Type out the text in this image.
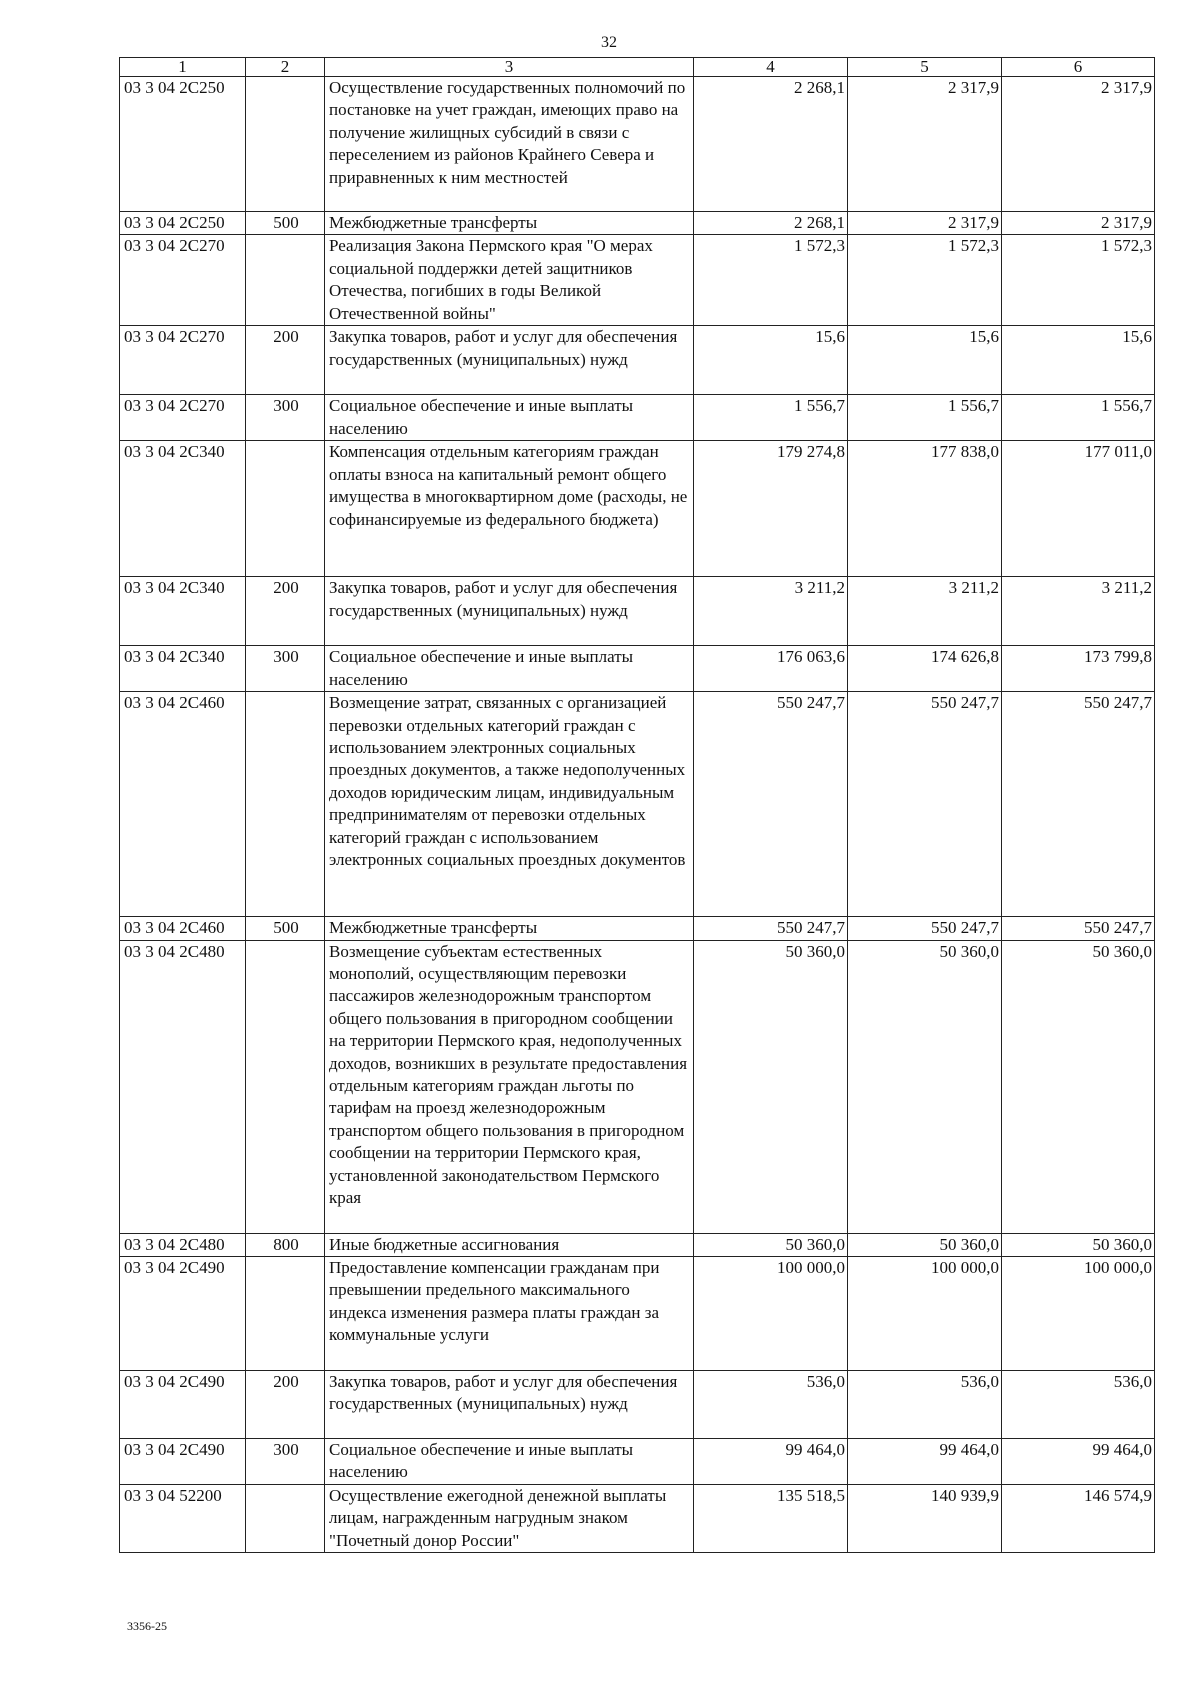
32
1	2	3	4	5	6
03 3 04 2С250		Осуществление государственных полномочий по постановке на учет граждан, имеющих право на получение жилищных субсидий в связи с переселением из районов Крайнего Севера и приравненных к ним местностей	2 268,1	2 317,9	2 317,9
03 3 04 2С250	500	Межбюджетные трансферты	2 268,1	2 317,9	2 317,9
03 3 04 2С270		Реализация Закона Пермского края "О мерах социальной поддержки детей защитников Отечества, погибших в годы Великой Отечественной войны"	1 572,3	1 572,3	1 572,3
03 3 04 2С270	200	Закупка товаров, работ и услуг для обеспечения государственных (муниципальных) нужд	15,6	15,6	15,6
03 3 04 2С270	300	Социальное обеспечение и иные выплаты населению	1 556,7	1 556,7	1 556,7
03 3 04 2С340		Компенсация отдельным категориям граждан оплаты взноса на капитальный ремонт общего имущества в многоквартирном доме (расходы, не софинансируемые из федерального бюджета)	179 274,8	177 838,0	177 011,0
03 3 04 2С340	200	Закупка товаров, работ и услуг для обеспечения государственных (муниципальных) нужд	3 211,2	3 211,2	3 211,2
03 3 04 2С340	300	Социальное обеспечение и иные выплаты населению	176 063,6	174 626,8	173 799,8
03 3 04 2С460		Возмещение затрат, связанных с организацией перевозки отдельных категорий граждан с использованием электронных социальных проездных документов, а также недополученных доходов юридическим лицам, индивидуальным предпринимателям от перевозки отдельных категорий граждан с использованием электронных социальных проездных документов	550 247,7	550 247,7	550 247,7
03 3 04 2С460	500	Межбюджетные трансферты	550 247,7	550 247,7	550 247,7
03 3 04 2С480		Возмещение субъектам естественных монополий, осуществляющим перевозки пассажиров железнодорожным транспортом общего пользования в пригородном сообщении на территории Пермского края, недополученных доходов, возникших в результате предоставления отдельным категориям граждан льготы по тарифам на проезд железнодорожным транспортом общего пользования в пригородном сообщении на территории Пермского края, установленной законодательством Пермского края	50 360,0	50 360,0	50 360,0
03 3 04 2С480	800	Иные бюджетные ассигнования	50 360,0	50 360,0	50 360,0
03 3 04 2С490		Предоставление компенсации гражданам при превышении предельного максимального индекса изменения размера платы граждан за коммунальные услуги	100 000,0	100 000,0	100 000,0
03 3 04 2С490	200	Закупка товаров, работ и услуг для обеспечения государственных (муниципальных) нужд	536,0	536,0	536,0
03 3 04 2С490	300	Социальное обеспечение и иные выплаты населению	99 464,0	99 464,0	99 464,0
03 3 04 52200		Осуществление ежегодной денежной выплаты лицам, награжденным нагрудным знаком "Почетный донор России"	135 518,5	140 939,9	146 574,9
3356-25
